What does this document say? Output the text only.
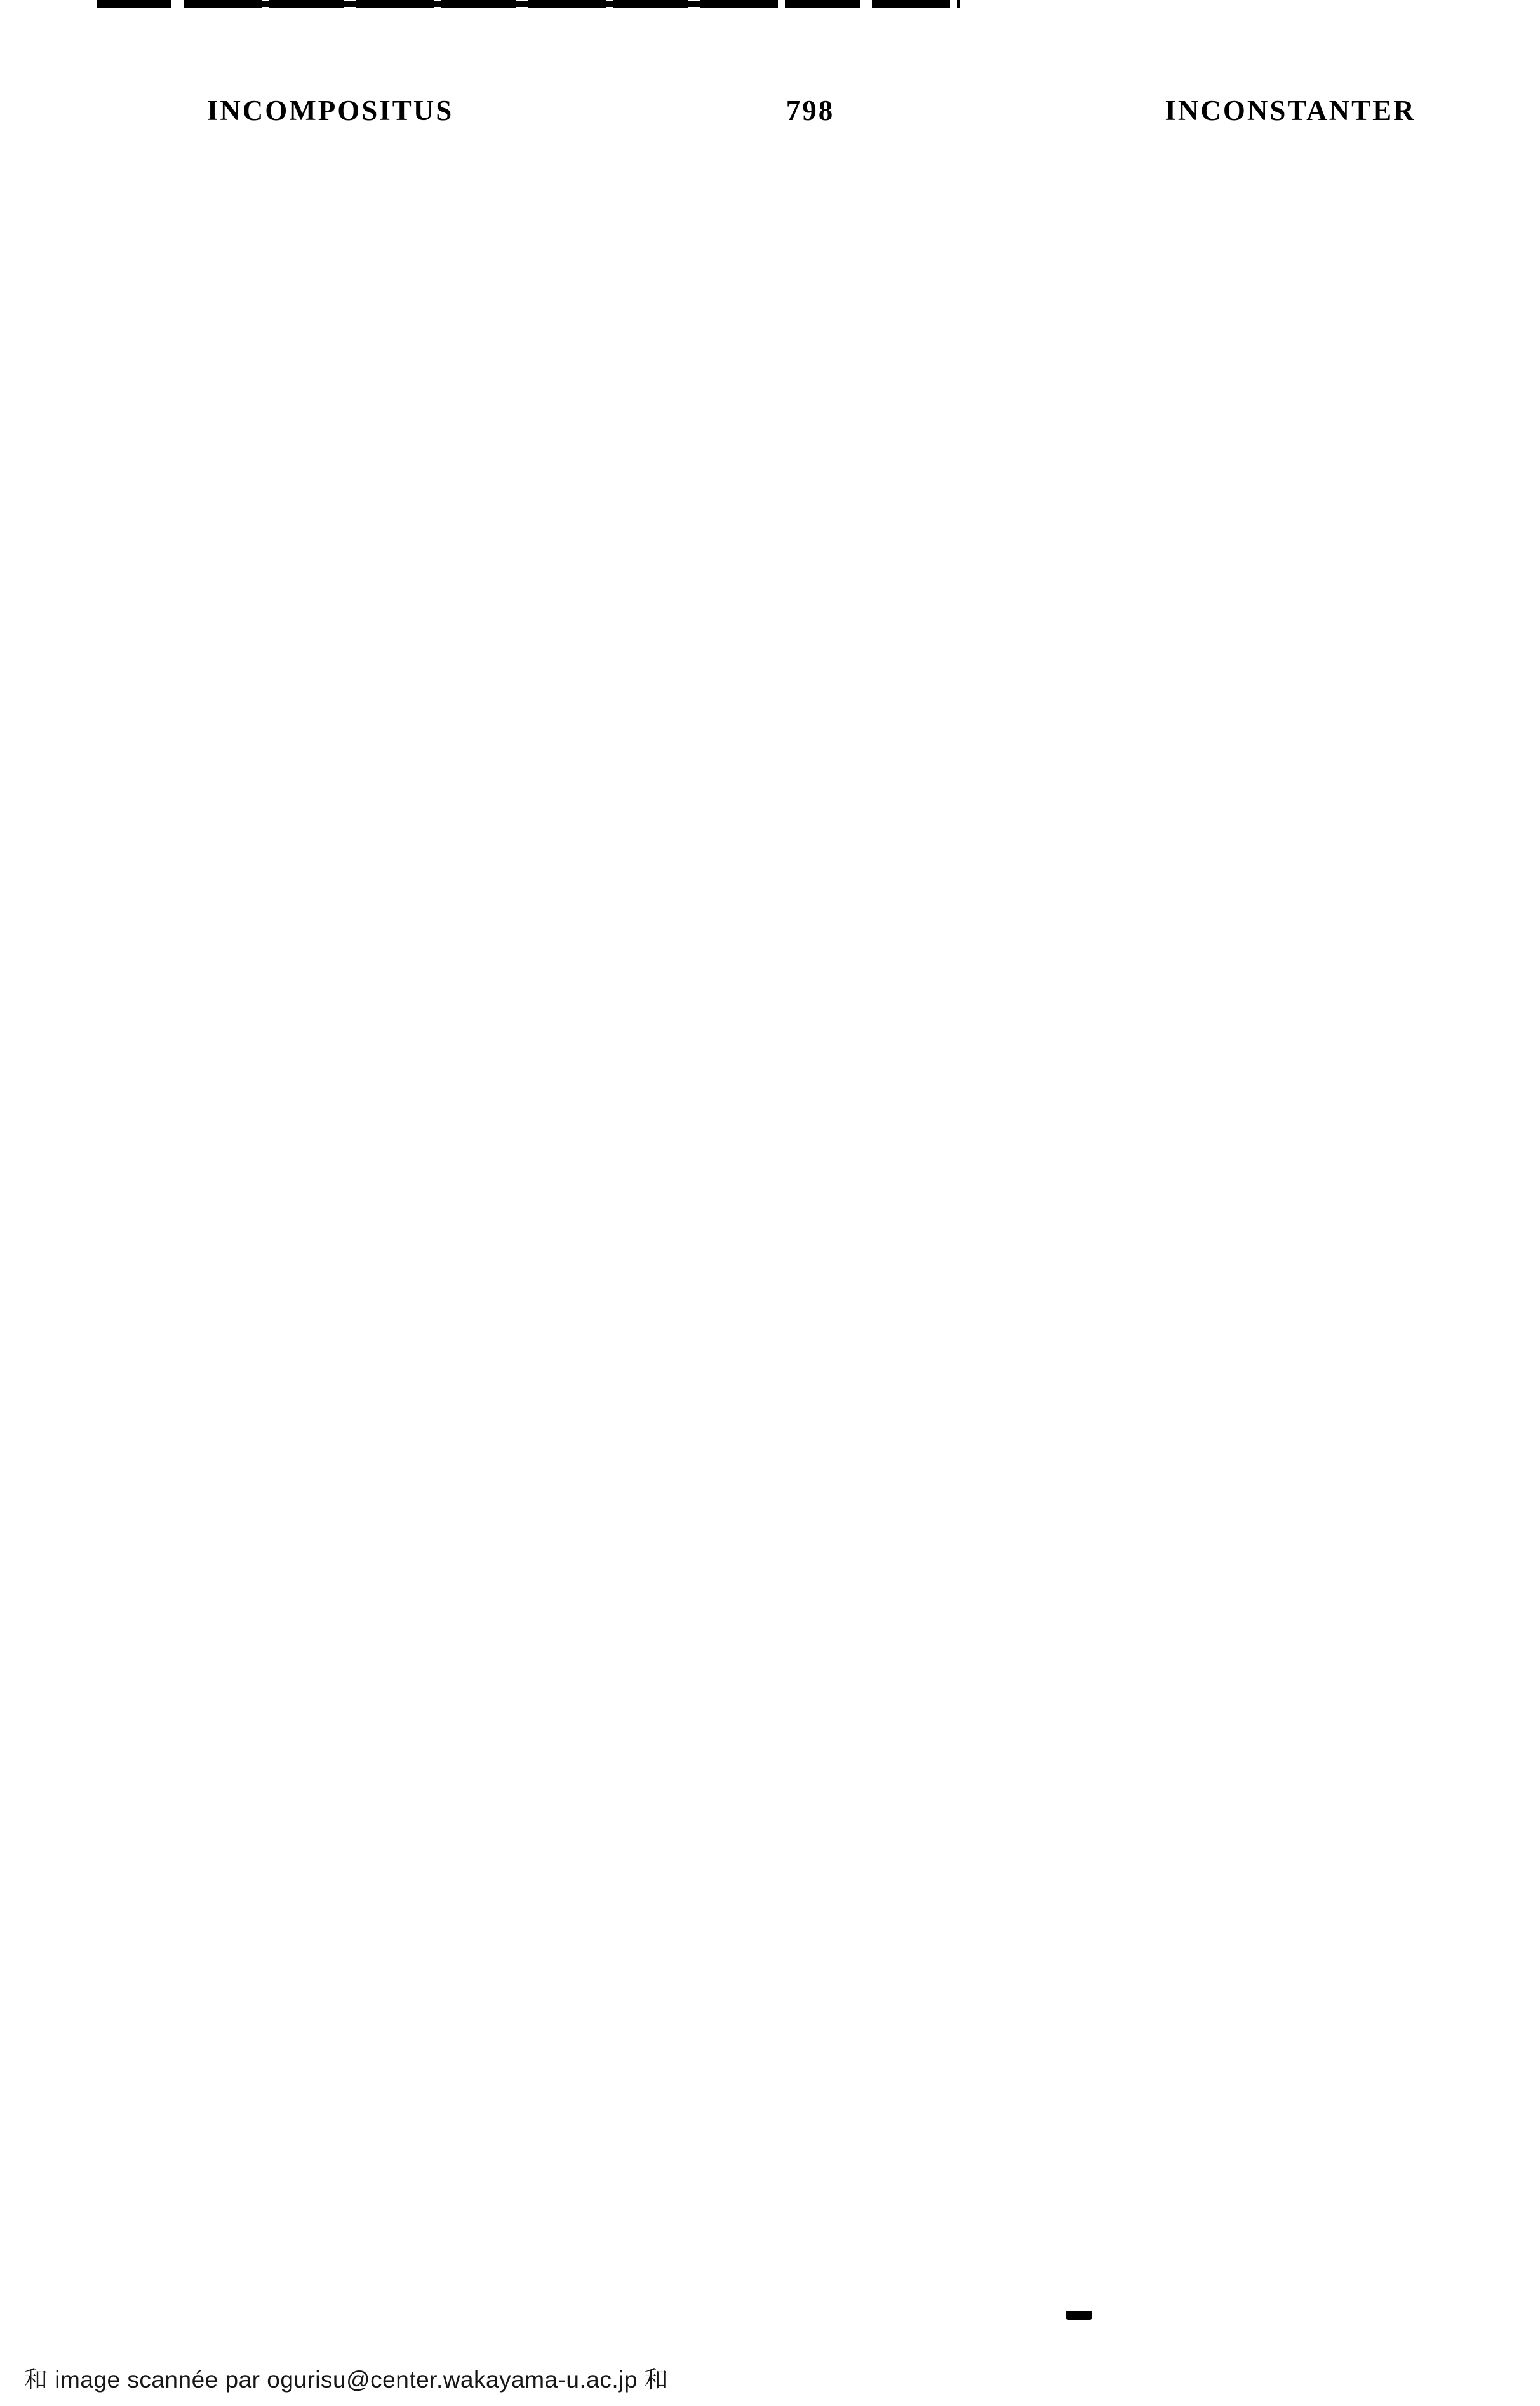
INCOMPOSITUS	798	INCONSTANTER
和 image scannée par ogurisu@center.wakayama-u.ac.jp 和
